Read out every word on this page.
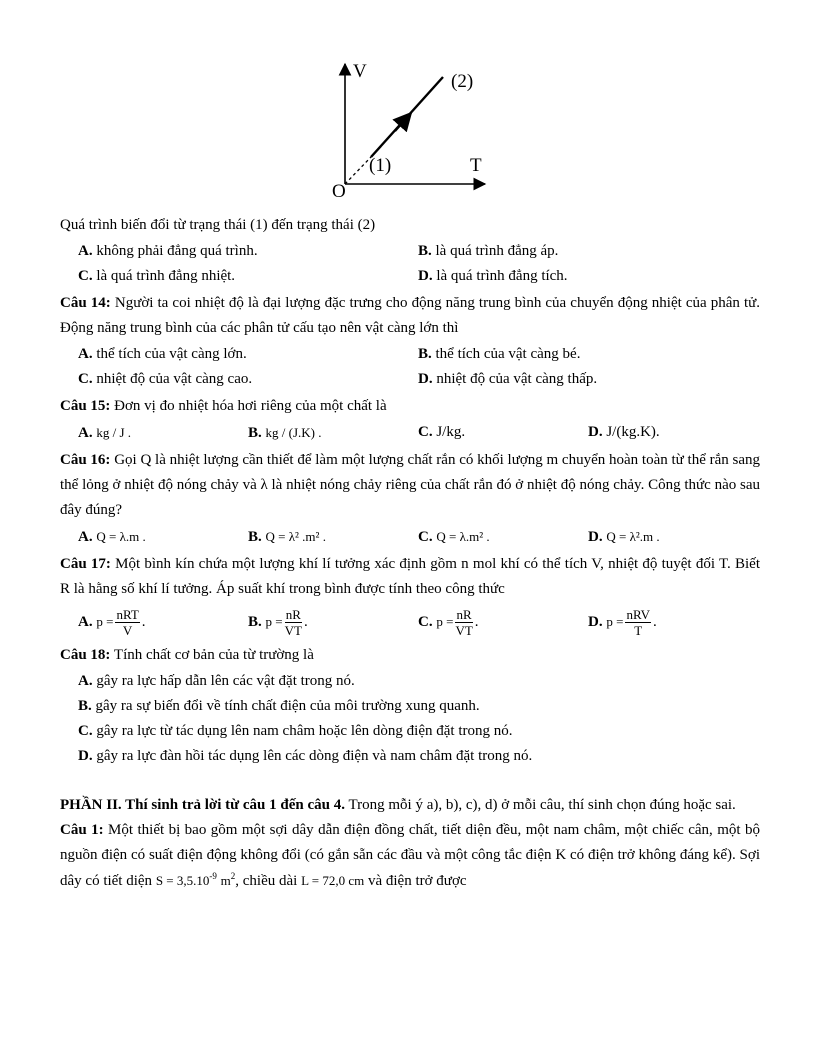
V	(2)
(1)	T
O

Quá trình biến đổi từ trạng thái (1) đến trạng thái (2)

A. không phải đẳng quá trình.	B. là quá trình đẳng áp.
C. là quá trình đẳng nhiệt.	D. là quá trình đẳng tích.

Câu 14: Người ta coi nhiệt độ là đại lượng đặc trưng cho động năng trung bình của chuyển động nhiệt của phân tử. Động năng trung bình của các phân tử cấu tạo nên vật càng lớn thì

A. thể tích của vật càng lớn.	B. thể tích của vật càng bé.
C. nhiệt độ của vật càng cao.	D. nhiệt độ của vật càng thấp.

Câu 15: Đơn vị đo nhiệt hóa hơi riêng của một chất là

A. kg / J .	B. kg / (J.K) .	C. J/kg.	D. J/(kg.K).

Câu 16: Gọi Q là nhiệt lượng cần thiết để làm một lượng chất rắn có khối lượng m chuyển hoàn toàn từ thể rắn sang thể lỏng ở nhiệt độ nóng chảy và λ là nhiệt nóng chảy riêng của chất rắn đó ở nhiệt độ nóng chảy. Công thức nào sau đây đúng?

A. Q = λ.m .	B. Q = λ² .m² .	C. Q = λ.m² .	D. Q = λ².m .

Câu 17: Một bình kín chứa một lượng khí lí tưởng xác định gồm n mol khí có thể tích V, nhiệt độ tuyệt đối T. Biết R là hằng số khí lí tưởng. Áp suất khí trong bình được tính theo công thức

A. $p = \frac{\text{nRT}}{V}$ .	B. $p = \frac{nR}{VT}$ .	C. $p = \frac{nR}{VT}$ .	D. $p = \frac{\text{nRV}}{T}$ .

Câu 18: Tính chất cơ bản của từ trường là

A. gây ra lực hấp dẫn lên các vật đặt trong nó.
B. gây ra sự biến đổi về tính chất điện của môi trường xung quanh.
C. gây ra lực từ tác dụng lên nam châm hoặc lên dòng điện đặt trong nó.
D. gây ra lực đàn hồi tác dụng lên các dòng điện và nam châm đặt trong nó.

PHẦN II. Thí sinh trả lời từ câu 1 đến câu 4. Trong mỗi ý a), b), c), d) ở mỗi câu, thí sinh chọn đúng hoặc sai.

Câu 1: Một thiết bị bao gồm một sợi dây dẫn điện đồng chất, tiết diện đều, một nam châm, một chiếc cân, một bộ nguồn điện có suất điện động không đổi (có gắn sẵn các đầu và một công tắc điện K có điện trở không đáng kể). Sợi dây có tiết diện $S = 3,5.10^{-9}$ $m^2$, chiều dài L = 72,0 cm và điện trở được
